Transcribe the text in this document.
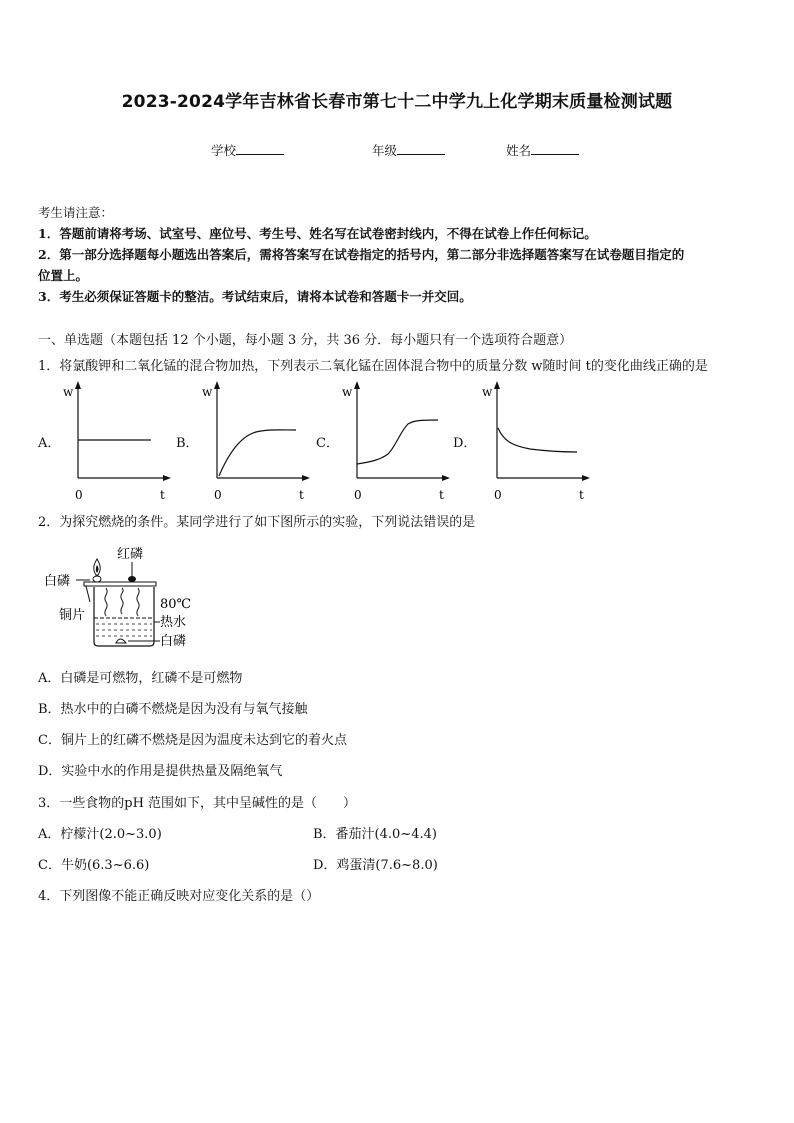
2023-2024学年吉林省长春市第七十二中学九上化学期末质量检测试题
学校	年级	姓名
考生请注意：
1．答题前请将考场、试室号、座位号、考生号、姓名写在试卷密封线内，不得在试卷上作任何标记。
2．第一部分选择题每小题选出答案后，需将答案写在试卷指定的括号内，第二部分非选择题答案写在试卷题目指定的
位置上。
3．考生必须保证答题卡的整洁。考试结束后，请将本试卷和答题卡一并交回。
一、单选题（本题包括 12 个小题，每小题 3 分，共 36 分．每小题只有一个选项符合题意）
1．将氯酸钾和二氧化锰的混合物加热，下列表示二氧化锰在固体混合物中的质量分数 w随时间 t的变化曲线正确的是
A．	B．	C．	D．
w
0	t
w
0	t
w
0	t
w
0	t
2．为探究燃烧的条件。某同学进行了如下图所示的实验，下列说法错误的是
红磷
白磷
铜片
80℃
热水
白磷
A．白磷是可燃物，红磷不是可燃物
B．热水中的白磷不燃烧是因为没有与氧气接触
C．铜片上的红磷不燃烧是因为温度未达到它的着火点
D．实验中水的作用是提供热量及隔绝氧气
3．一些食物的pH 范围如下，其中呈碱性的是（　　）
A．柠檬汁(2.0~3.0)	B．番茄汁(4.0~4.4)
C．牛奶(6.3~6.6)	D．鸡蛋清(7.6~8.0)
4．下列图像不能正确反映对应变化关系的是（）
